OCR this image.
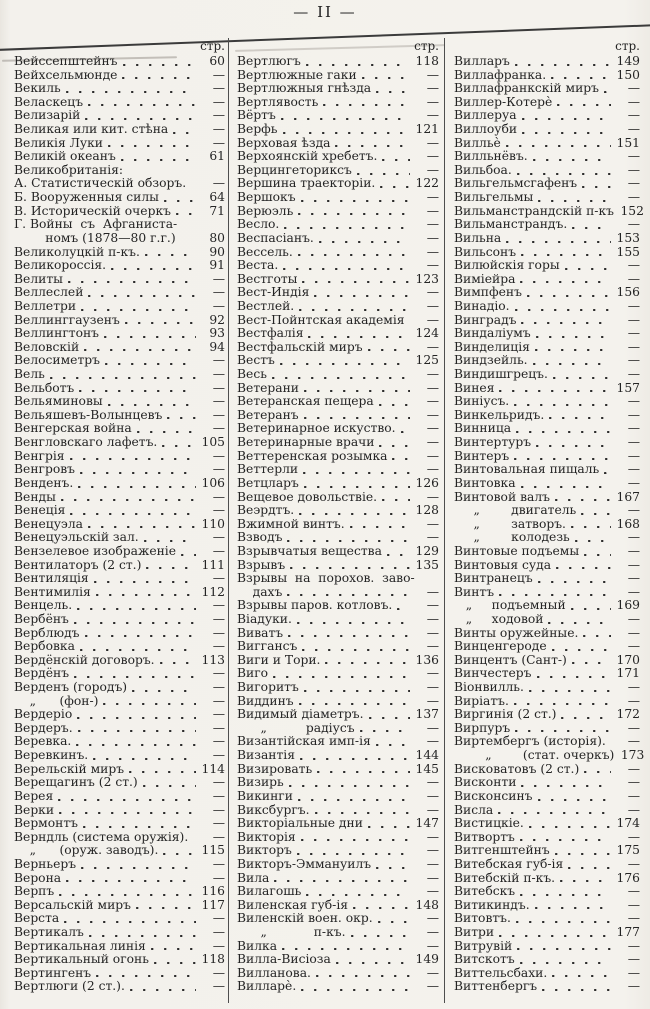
— II —
стр.
Вейссепштейнъ	60
Вейхсельмюнде	—
Векиль	—
Веласкецъ	—
Велизарій	—
Великая или кит. стѣна	—
Великія Луки	—
Великій океанъ	61
Великобританія:
А. Статистическій обзоръ.	—
Б. Вооруженныя силы	64
В. Историческій очеркъ	71
Г. Войны  съ  Афганиста-
номъ (1878—80 г.г.)	80
Великолуцкій п-къ.	90
Великороссія.	91
Велиты	—
Веллеслей	—
Веллетри	—
Веллинггаузенъ	92
Веллингтонъ	93
Веловскій	94
Велосиметръ	—
Вель	—
Вельботъ	—
Вельяминовы	—
Вельяшевъ-Волынцевъ	—
Венгерская война	—
Венгловскаго лафетъ.	105
Венгрія	—
Венгровъ	—
Венденъ.	106
Венды	—
Венеція	—
Венецуэла	110
Венецуэльскій зал.	—
Вензелевое изображеніе	—
Вентилаторъ (2 ст.)	111
Вентиляція	—
Вентимилія	112
Венцель.	—
Вербёнъ	—
Верблюдъ	—
Вербовка	—
Вердёнскій договоръ.	113
Вердёнъ	—
Верденъ (городъ)	—
„      (фон-)	—
Вердеріо	—
Вердеръ.	—
Веревка.	—
Веревкинъ.	—
Верельскій миръ	114
Верещагинъ (2 ст.)	—
Верея	—
Верки	—
Вермонтъ	—
Верндль (система оружія).	—
„      (оруж. заводъ).	115
Верньеръ	—
Верона	—
Верпъ	116
Версальскій миръ	117
Верста	—
Вертикалъ	—
Вертикальная линія	—
Вертикальный огонь	118
Вертингенъ	—
Вертлюги (2 ст.).	—
стр.
Вертлюгъ	118
Вертлюжные гаки	—
Вертлюжныя гнѣзда	—
Вертлявость	—
Вёртъ	—
Верфь	121
Верховая ѣзда	—
Верхоянскій хребетъ.	—
Верцингеториксъ	—
Вершина траекторіи.	122
Вершокъ	—
Верюэль	—
Весло.	—
Веспасіанъ.	—
Вессель.	—
Веста.	—
Вестготы	123
Вест-Индія	—
Вестлей.	—
Вест-Пойнтская академія	—
Вестфалія	124
Вестфальскій миръ	—
Вестъ	125
Весь	—
Ветерани	—
Ветеранская пещера	—
Ветеранъ	—
Ветеринарное искуство.	—
Ветеринарные врачи	—
Веттеренская розымка	—
Веттерли	—
Ветцларъ	126
Вещевое довольствіе.	—
Веэрдтъ.	128
Вжимной винтъ.	—
Взводъ	—
Взрывчатыя вещества	129
Взрывъ	135
Взрывы  на  порохов.  заво-
дахъ	—
Взрывы паров. котловъ.	—
Віадуки.	—
Виватъ	—
Виггансъ	—
Виги и Тори.	136
Виго	—
Вигоритъ	—
Виддинъ	—
Видимый діаметръ.	137
„          радіусъ	—
Византійская имп-ія	—
Византія	144
Визировать	145
Визирь	—
Викинги	—
Виксбургъ.	—
Викторіальные дни	147
Викторія	—
Викторъ	—
Викторъ-Эммануилъ	—
Вила	—
Вилагошь	—
Виленская губ-ія	148
Виленскій воен. окр.	—
„            п-къ.	—
Вилка	—
Вилла-Висіоза	149
Вилланова.	—
Вилларѐ.	—
стр.
Вилларъ	149
Виллафранка.	150
Виллафранкскій миръ	—
Виллер-Котерѐ	—
Виллеруа	—
Виллоуби	—
Вилльѐ	151
Вилльнёвъ.	—
Вильбоа.	—
Вильгельмсгафенъ	—
Вильгельмы	—
Вильманстрандскій п-къ 152
Вильманстрандъ.	—
Вильна	153
Вильсонъ	155
Вилюйскія горы	—
Виміейра	—
Вимпфенъ	156
Винадіо.	—
Винградъ	—
Виндаліумъ	—
Винделиція	—
Виндзейль.	—
Виндишгрецъ.	—
Винея	157
Виніусъ.	—
Винкельридъ.	—
Винница	—
Винтертуръ	—
Винтеръ	—
Винтовальная пищаль	—
Винтовка	—
Винтовой валъ	167
„        двигатель	—
„        затворъ.	168
„        колодезь	—
Винтовые подъемы	—
Винтовыя суда	—
Винтранецъ	—
Винтъ	—
„     подъемный	169
„     ходовой	—
Винты оружейные.	—
Винценгероде	—
Винцентъ (Сант-)	170
Винчестеръ	171
Віонвилль.	—
Виріатъ.	—
Виргинія (2 ст.)	172
Вирпуръ	—
Виртембергъ (исторія).	—
„        (стат. очеркъ) 173
Висковатовъ (2 ст.)	—
Висконти	—
Висконсинъ	—
Висла	—
Вистицкіе.	174
Витвортъ	—
Витгенштейнъ	175
Витебская губ-ія	—
Витебскій п-къ.	176
Витебскъ	—
Витикиндъ.	—
Витовтъ.	—
Витри	177
Витрувій	—
Витскотъ	—
Виттельсбахи.	—
Виттенбергъ	—
